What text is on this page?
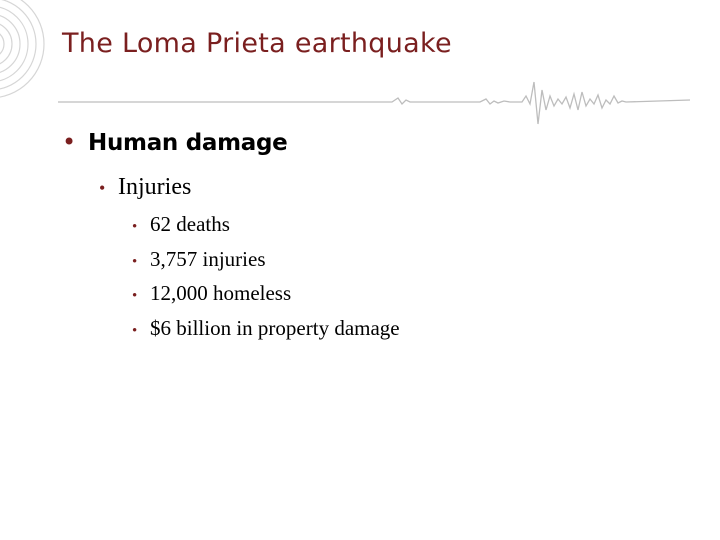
The Loma Prieta earthquake
• Human damage
• Injuries
• 62 deaths
• 3,757 injuries
• 12,000 homeless
• $6 billion in property damage
